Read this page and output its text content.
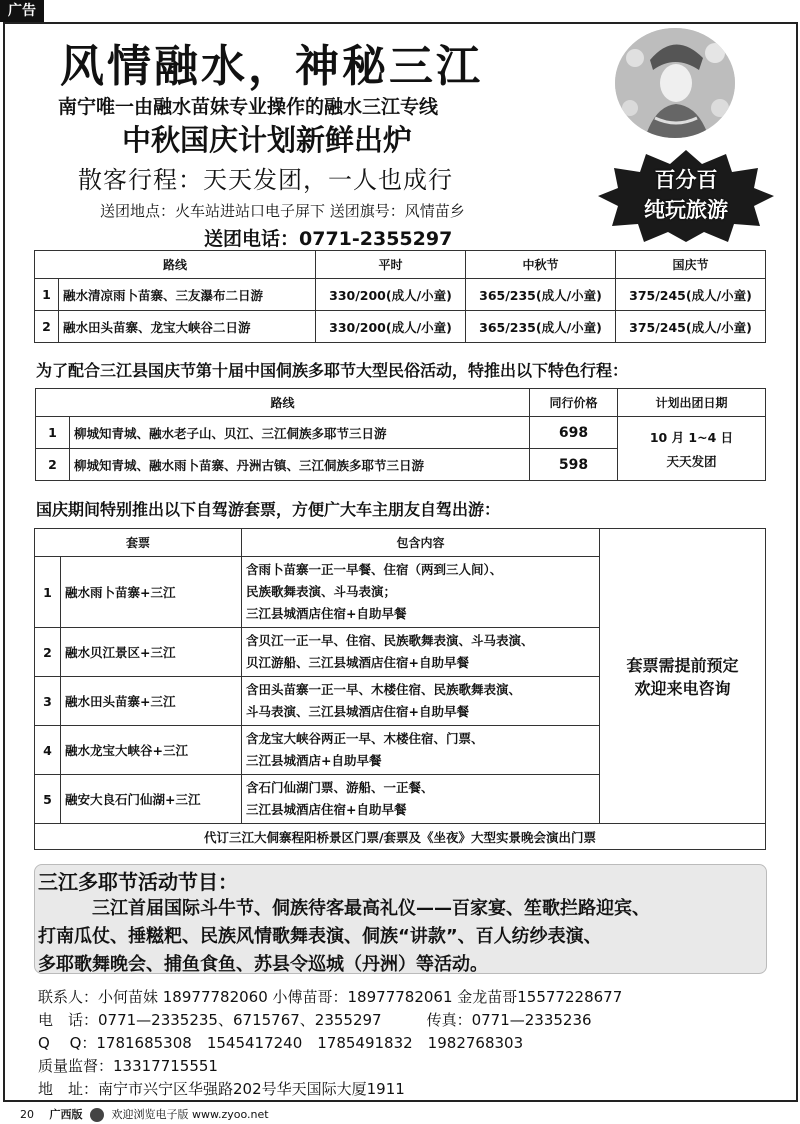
广告
风情融水，神秘三江
南宁唯一由融水苗妹专业操作的融水三江专线
中秋国庆计划新鲜出炉
散客行程：天天发团，一人也成行
送团地点：火车站进站口电子屏下 送团旗号：风情苗乡
送团电话：0771-2355297
百分百
纯玩旅游
路线		平时	中秋节	国庆节
1	融水清凉雨卜苗寨、三友瀑布二日游	330/200(成人/小童)	365/235(成人/小童)	375/245(成人/小童)
2	融水田头苗寨、龙宝大峡谷二日游	330/200(成人/小童)	365/235(成人/小童)	375/245(成人/小童)
为了配合三江县国庆节第十届中国侗族多耶节大型民俗活动，特推出以下特色行程：
路线		同行价格	计划出团日期
1	柳城知青城、融水老子山、贝江、三江侗族多耶节三日游	698	10 月 1~4 日
天天发团

2	柳城知青城、融水雨卜苗寨、丹洲古镇、三江侗族多耶节三日游	598	
国庆期间特别推出以下自驾游套票，方便广大车主朋友自驾出游：
套票		包含内容	套票需提前预定
欢迎来电咨询

1	融水雨卜苗寨+三江	含雨卜苗寨一正一早餐、住宿（两到三人间）、
民族歌舞表演、斗马表演；
三江县城酒店住宿+自助早餐	

2	融水贝江景区+三江	含贝江一正一早、住宿、民族歌舞表演、斗马表演、
贝江游船、三江县城酒店住宿+自助早餐	

3	融水田头苗寨+三江	含田头苗寨一正一早、木楼住宿、民族歌舞表演、
斗马表演、三江县城酒店住宿+自助早餐	

4	融水龙宝大峡谷+三江	含龙宝大峡谷两正一早、木楼住宿、门票、
三江县城酒店+自助早餐	

5	融安大良石门仙湖+三江	含石门仙湖门票、游船、一正餐、
三江县城酒店住宿+自助早餐	

代订三江大侗寨程阳桥景区门票/套票及《坐夜》大型实景晚会演出门票			
三江多耶节活动节目：
三江首届国际斗牛节、侗族待客最高礼仪——百家宴、笙歌拦路迎宾、
打南瓜仗、捶糍粑、民族风情歌舞表演、侗族“讲款”、百人纺纱表演、
多耶歌舞晚会、捕鱼食鱼、苏县令巡城（丹洲）等活动。
联系人：小何苗妹 18977782060 小傅苗哥：18977782061 金龙苗哥15577228677
电　话：0771—2335235、6715767、2355297　　　传真：0771—2335236
Q　 Q：1781685308　1545417240　1785491832　1982768303
质量监督：13317715551
地　址：南宁市兴宁区华强路202号华天国际大厦1911
20 广西版	欢迎浏览电子版 www.zyoo.net
